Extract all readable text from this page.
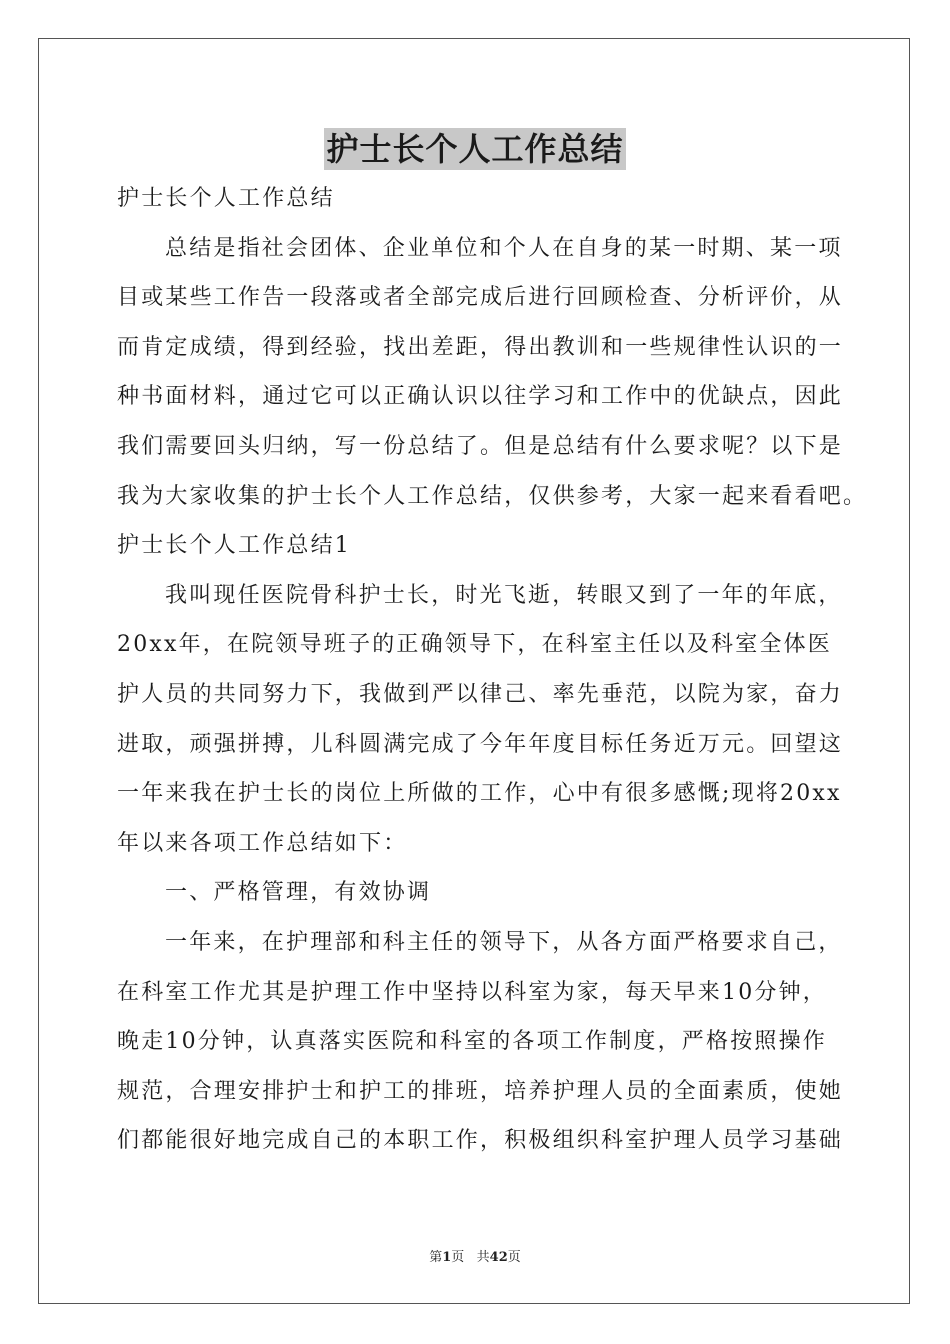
护士长个人工作总结
护士长个人工作总结
总结是指社会团体、企业单位和个人在自身的某一时期、某一项
目或某些工作告一段落或者全部完成后进行回顾检查、分析评价，从
而肯定成绩，得到经验，找出差距，得出教训和一些规律性认识的一
种书面材料，通过它可以正确认识以往学习和工作中的优缺点，因此
我们需要回头归纳，写一份总结了。但是总结有什么要求呢？以下是
我为大家收集的护士长个人工作总结，仅供参考，大家一起来看看吧。
护士长个人工作总结1
我叫现任医院骨科护士长，时光飞逝，转眼又到了一年的年底，
20xx年，在院领导班子的正确领导下，在科室主任以及科室全体医
护人员的共同努力下，我做到严以律己、率先垂范，以院为家，奋力
进取，顽强拼搏，儿科圆满完成了今年年度目标任务近万元。回望这
一年来我在护士长的岗位上所做的工作，心中有很多感慨;现将20xx
年以来各项工作总结如下：
一、严格管理，有效协调
一年来，在护理部和科主任的领导下，从各方面严格要求自己，
在科室工作尤其是护理工作中坚持以科室为家，每天早来10分钟，
晚走10分钟，认真落实医院和科室的各项工作制度，严格按照操作
规范，合理安排护士和护工的排班，培养护理人员的全面素质，使她
们都能很好地完成自己的本职工作，积极组织科室护理人员学习基础
第1页   共42页
